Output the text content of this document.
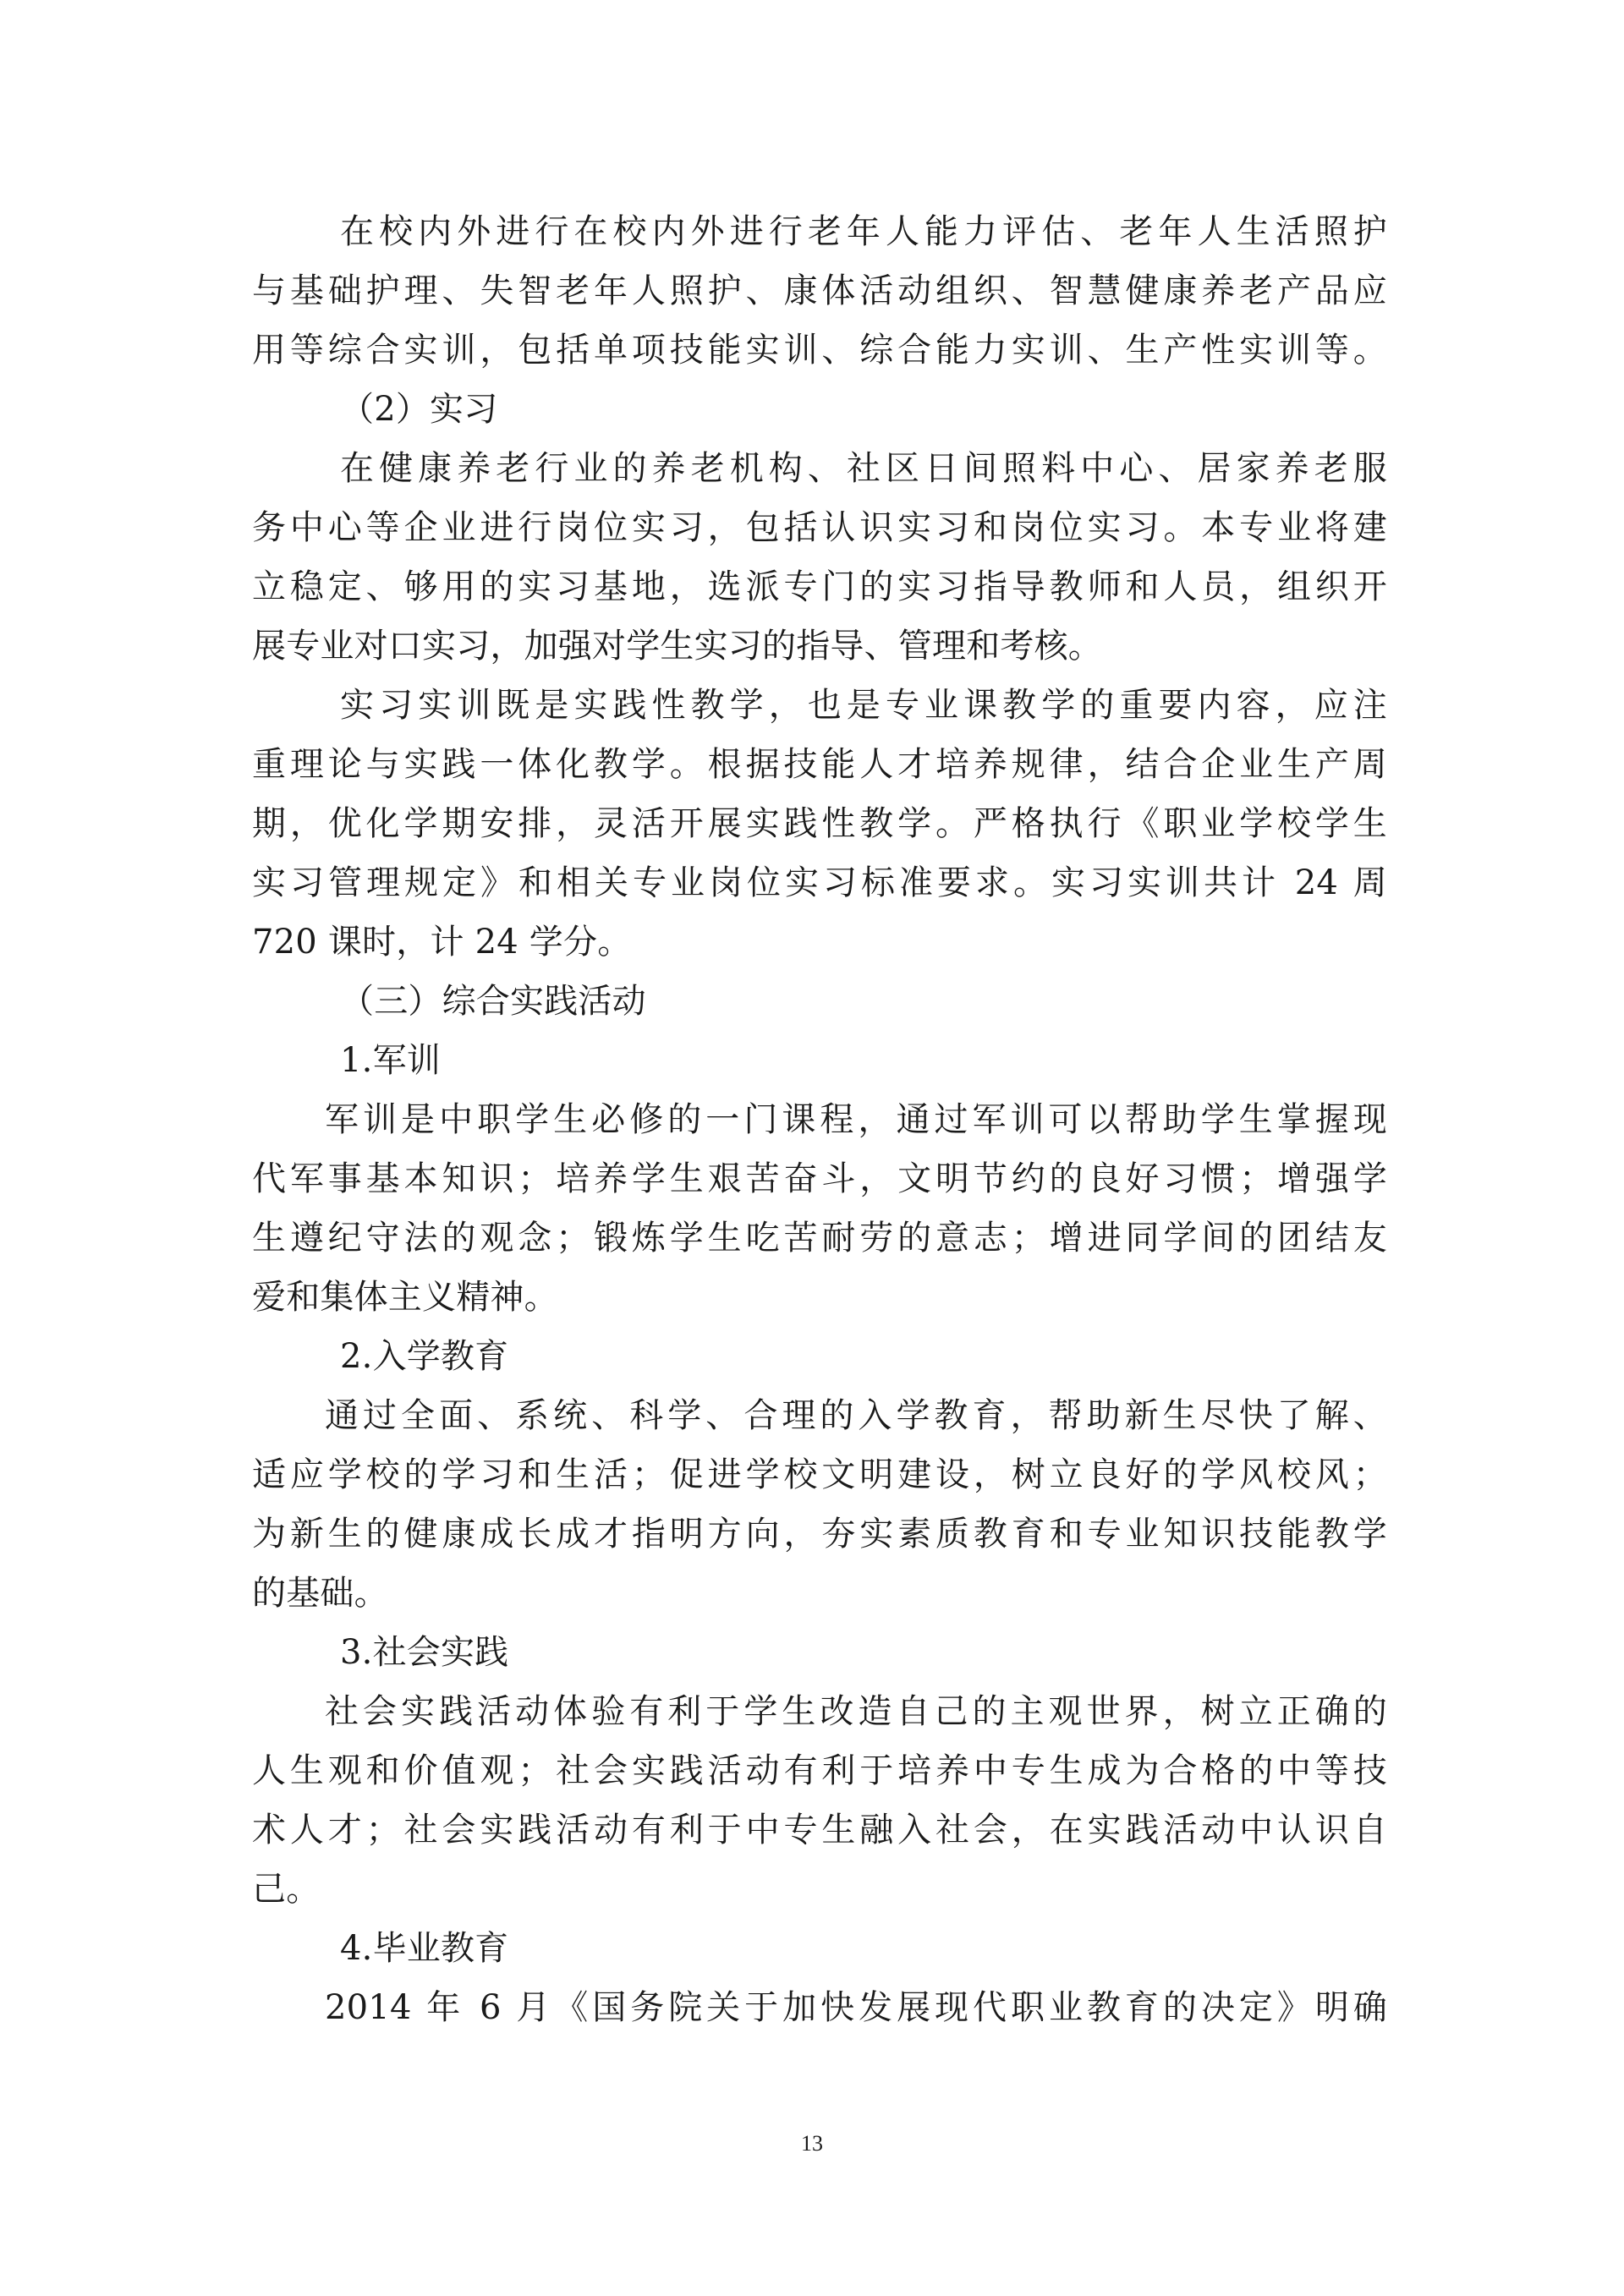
在校内外进行在校内外进行老年人能力评估、老年人生活照护

与基础护理、失智老年人照护、康体活动组织、智慧健康养老产品应

用等综合实训，包括单项技能实训、综合能力实训、生产性实训等。

（2）实习

在健康养老行业的养老机构、社区日间照料中心、居家养老服

务中心等企业进行岗位实习，包括认识实习和岗位实习。本专业将建

立稳定、够用的实习基地，选派专门的实习指导教师和人员，组织开

展专业对口实习，加强对学生实习的指导、管理和考核。

实习实训既是实践性教学，也是专业课教学的重要内容，应注

重理论与实践一体化教学。根据技能人才培养规律，结合企业生产周

期，优化学期安排，灵活开展实践性教学。严格执行《职业学校学生

实习管理规定》和相关专业岗位实习标准要求。实习实训共计 24 周

720 课时，计 24 学分。

（三）综合实践活动

1.军训

军训是中职学生必修的一门课程，通过军训可以帮助学生掌握现

代军事基本知识；培养学生艰苦奋斗，文明节约的良好习惯；增强学

生遵纪守法的观念；锻炼学生吃苦耐劳的意志；增进同学间的团结友

爱和集体主义精神。

2.入学教育

通过全面、系统、科学、合理的入学教育，帮助新生尽快了解、

适应学校的学习和生活；促进学校文明建设，树立良好的学风校风；

为新生的健康成长成才指明方向，夯实素质教育和专业知识技能教学

的基础。

3.社会实践

社会实践活动体验有利于学生改造自己的主观世界，树立正确的

人生观和价值观；社会实践活动有利于培养中专生成为合格的中等技

术人才；社会实践活动有利于中专生融入社会，在实践活动中认识自

己。

4.毕业教育

2014 年 6 月《国务院关于加快发展现代职业教育的决定》明确

13
